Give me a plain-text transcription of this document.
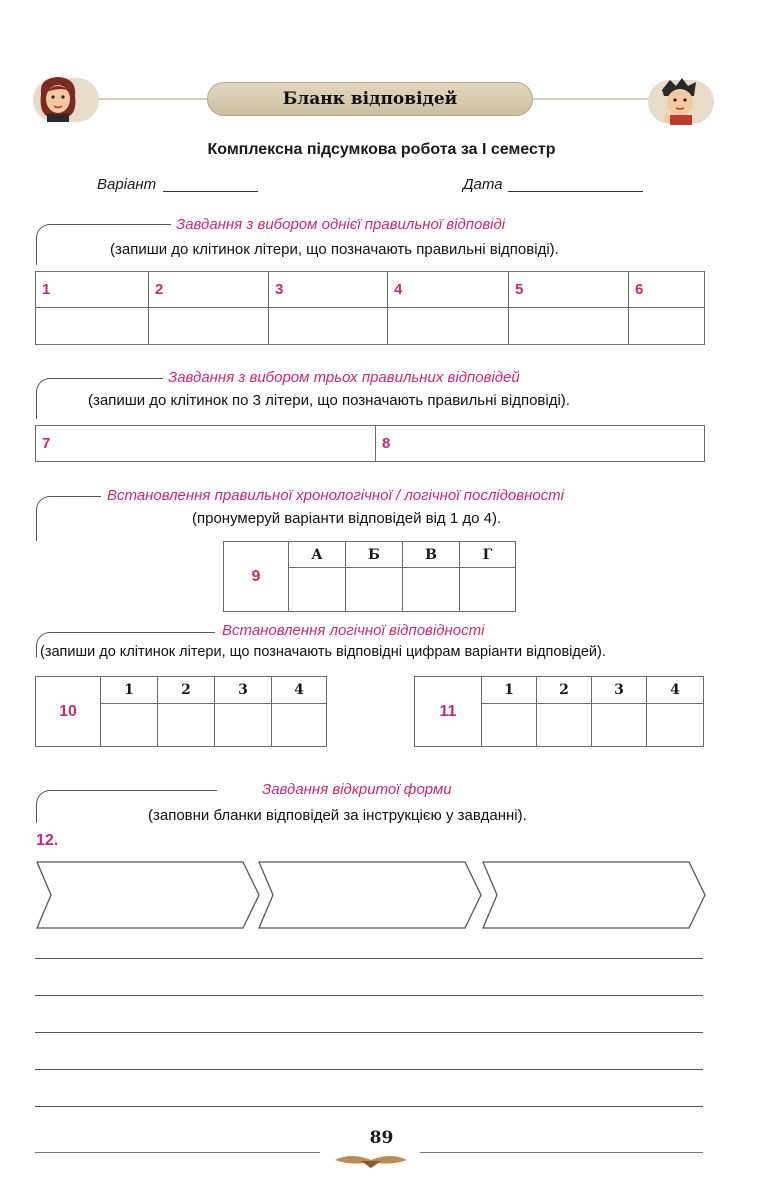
Бланк відповідей
Комплексна підсумкова робота за І семестр
Варіант	Дата
Завдання з вибором однієї правильної відповіді
(запиши до клітинок літери, що позначають правильні відповіді).
1	2	3	4	5	6

Завдання з вибором трьох правильних відповідей
(запиши до клітинок по 3 літери, що позначають правильні відповіді).
7	8
Встановлення правильної хронологічної / логічної послідовності
(пронумеруй варіанти відповідей від 1 до 4).
9	А	Б	В	Г

Встановлення логічної відповідності
(запиши до клітинок літери, що позначають відповідні цифрам варіанти відповідей).
10	1	2	3	4

11	1	2	3	4

Завдання відкритої форми
(заповни бланки відповідей за інструкцією у завданні).
12.
89
